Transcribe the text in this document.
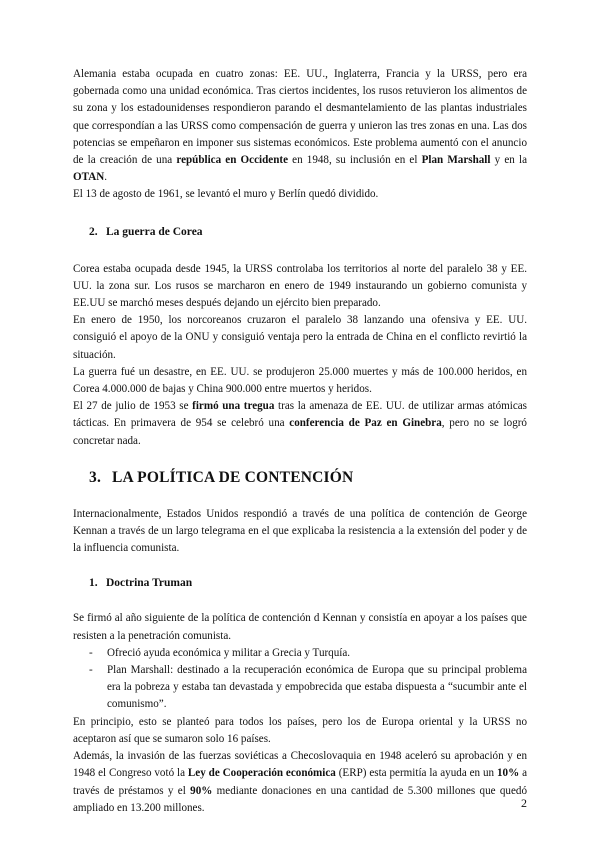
Alemania estaba ocupada en cuatro zonas: EE. UU., Inglaterra, Francia y la URSS, pero era gobernada como una unidad económica. Tras ciertos incidentes, los rusos retuvieron los alimentos de su zona y los estadounidenses respondieron parando el desmantelamiento de las plantas industriales que correspondían a las URSS como compensación de guerra y unieron las tres zonas en una. Las dos potencias se empeñaron en imponer sus sistemas económicos. Este problema aumentó con el anuncio de la creación de una república en Occidente en 1948, su inclusión en el Plan Marshall y en la OTAN.

El 13 de agosto de 1961, se levantó el muro y Berlín quedó dividido.

2. La guerra de Corea

Corea estaba ocupada desde 1945, la URSS controlaba los territorios al norte del paralelo 38 y EE. UU. la zona sur. Los rusos se marcharon en enero de 1949 instaurando un gobierno comunista y EE.UU se marchó meses después dejando un ejército bien preparado.

En enero de 1950, los norcoreanos cruzaron el paralelo 38 lanzando una ofensiva y EE. UU. consiguió el apoyo de la ONU y consiguió ventaja pero la entrada de China en el conflicto revirtió la situación.

La guerra fué un desastre, en EE. UU. se produjeron 25.000 muertes y más de 100.000 heridos, en Corea 4.000.000 de bajas y China 900.000 entre muertos y heridos.

El 27 de julio de 1953 se firmó una tregua tras la amenaza de EE. UU. de utilizar armas atómicas tácticas. En primavera de 954 se celebró una conferencia de Paz en Ginebra, pero no se logró concretar nada.

3. LA POLÍTICA DE CONTENCIÓN

Internacionalmente, Estados Unidos respondió a través de una política de contención de George Kennan a través de un largo telegrama en el que explicaba la resistencia a la extensión del poder y de la influencia comunista.

1. Doctrina Truman

Se firmó al año siguiente de la política de contención d Kennan y consistía en apoyar a los países que resisten a la penetración comunista.

- Ofreció ayuda económica y militar a Grecia y Turquía.
- Plan Marshall: destinado a la recuperación económica de Europa que su principal problema era la pobreza y estaba tan devastada y empobrecida que estaba dispuesta a “sucumbir ante el comunismo”.

En principio, esto se planteó para todos los países, pero los de Europa oriental y la URSS no aceptaron así que se sumaron solo 16 países.

Además, la invasión de las fuerzas soviéticas a Checoslovaquia en 1948 aceleró su aprobación y en 1948 el Congreso votó la Ley de Cooperación económica (ERP) esta permitía la ayuda en un 10% a través de préstamos y el 90% mediante donaciones en una cantidad de 5.300 millones que quedó ampliado en 13.200 millones.	2
